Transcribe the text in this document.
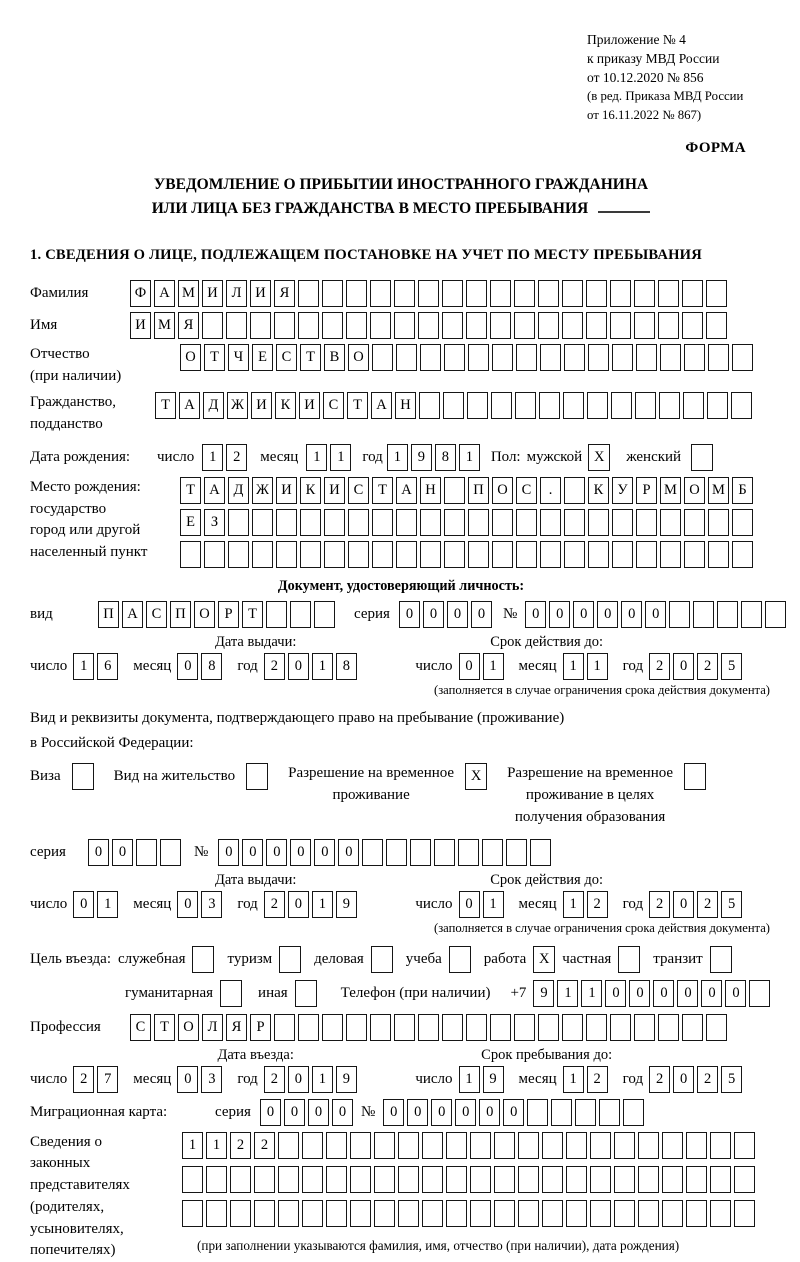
Приложение № 4
к приказу МВД России
от 10.12.2020 № 856
(в ред. Приказа МВД России
от 16.11.2022 № 867)
ФОРМА
УВЕДОМЛЕНИЕ О ПРИБЫТИИ ИНОСТРАННОГО ГРАЖДАНИНА
ИЛИ ЛИЦА БЕЗ ГРАЖДАНСТВА В МЕСТО ПРЕБЫВАНИЯ
1. СВЕДЕНИЯ О ЛИЦЕ, ПОДЛЕЖАЩЕМ ПОСТАНОВКЕ НА УЧЕТ ПО МЕСТУ ПРЕБЫВАНИЯ
Фамилия	Ф А М И Л И Я
Имя	И М Я
Отчество
(при наличии)
О Т	Ч	Е	С	Т	В О
Гражданство,
подданство
Т А Д Ж И К И С	Т А Н
Дата рождения:	число	1	2	месяц	1	1	год 1	9	8	1	Пол: мужской X	женский
Место рождения:
государство
город или другой
населенный пункт
Т А Д Ж И К И С	Т А Н	П О С	.	К У	Р М О М Б
Е	З
Документ, удостоверяющий личность:
вид	П А С П О	Р	Т	серия	0	0	0	0	№	0	0	0	0	0	0
Дата выдачи:	Срок действия до:
число 1	6	месяц 0	8	год 2	0	1	8	число 0	1	месяц 1	1	год 2	0	2	5
(заполняется в случае ограничения срока действия документа)
Вид и реквизиты документа, подтверждающего право на пребывание (проживание)
в Российской Федерации:
Виза	Вид на жительство	Разрешение на временное
проживание
X	Разрешение на временное
проживание в целях
получения образования
серия	0	0	№	0	0	0	0	0	0
Дата выдачи:	Срок действия до:
число 0	1	месяц 0	3	год 2	0	1	9	число 0	1	месяц 1	2	год 2	0	2	5
(заполняется в случае ограничения срока действия документа)
Цель въезда: служебная	туризм	деловая	учеба	работа X частная	транзит
гуманитарная	иная	Телефон (при наличии) +7 9	1	1	0	0	0	0	0	0
Профессия	С	Т О Л Я	Р
Дата въезда:	Срок пребывания до:
число 2	7	месяц 0	3	год 2	0	1	9	число 1	9	месяц 1	2	год 2	0	2	5
Миграционная карта:	серия	0	0	0	0 №	0	0	0	0	0	0
Сведения о
законных
представителях
(родителях,
усыновителях,
попечителях)
1	1	2	2
(при заполнении указываются фамилия, имя, отчество (при наличии), дата рождения)
